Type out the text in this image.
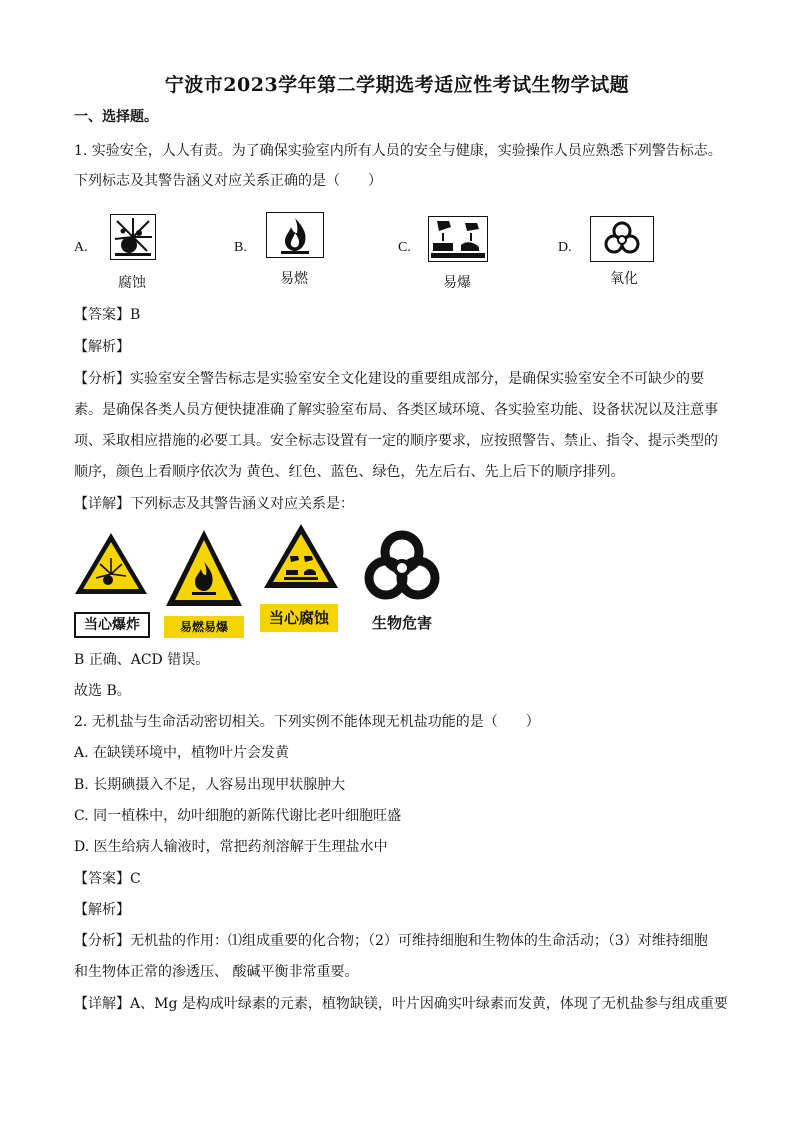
宁波市2023学年第二学期选考适应性考试生物学试题
一、选择题。
1. 实验安全，人人有责。为了确保实验室内所有人员的安全与健康，实验操作人员应熟悉下列警告标志。
下列标志及其警告涵义对应关系正确的是（　　）
A.
腐蚀
B.
易燃
C.
易爆
D.
氧化
【答案】B
【解析】
【分析】实验室安全警告标志是实验室安全文化建设的重要组成部分，是确保实验室安全不可缺少的要
素。是确保各类人员方便快捷准确了解实验室布局、各类区域环境、各实验室功能、设备状况以及注意事
项、采取相应措施的必要工具。安全标志设置有一定的顺序要求，应按照警告、禁止、指令、提示类型的
顺序，颜色上看顺序依次为 黄色、红色、蓝色、绿色，先左后右、先上后下的顺序排列。
【详解】下列标志及其警告涵义对应关系是：
当心爆炸	易燃易爆	当心腐蚀	生物危害
B 正确、ACD 错误。
故选 B。
2. 无机盐与生命活动密切相关。下列实例不能体现无机盐功能的是（　　）
A. 在缺镁环境中，植物叶片会发黄
B. 长期碘摄入不足，人容易出现甲状腺肿大
C. 同一植株中，幼叶细胞的新陈代谢比老叶细胞旺盛
D. 医生给病人输液时，常把药剂溶解于生理盐水中
【答案】C
【解析】
【分析】无机盐的作用：⑴组成重要的化合物；（2）可维持细胞和生物体的生命活动；（3）对维持细胞
和生物体正常的渗透压、 酸碱平衡非常重要。
【详解】A、Mg 是构成叶绿素的元素，植物缺镁，叶片因确实叶绿素而发黄，体现了无机盐参与组成重要
